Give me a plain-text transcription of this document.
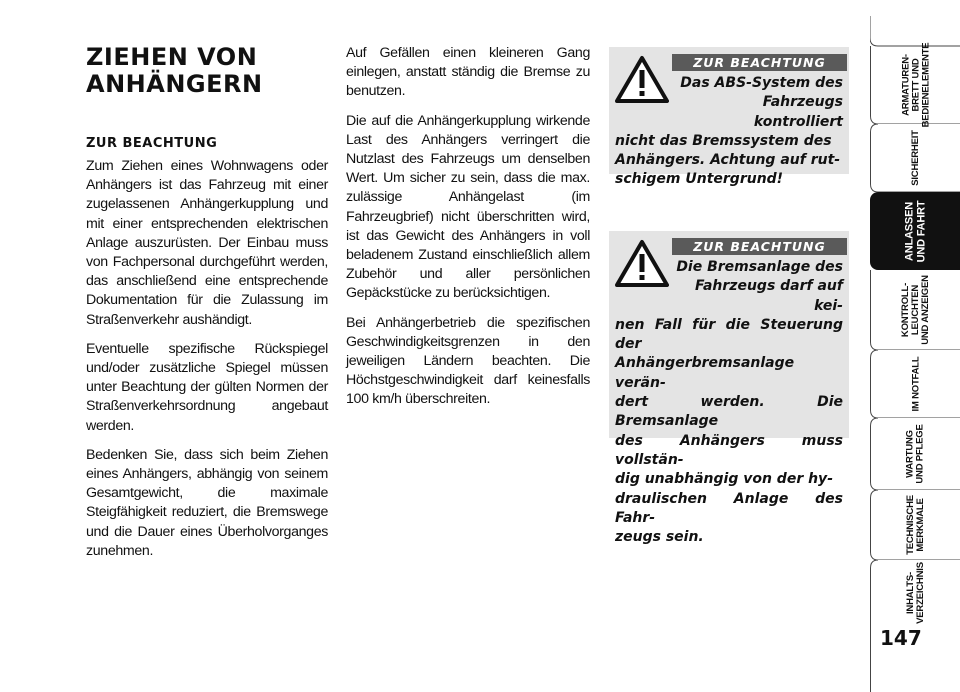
ZIEHEN VON
ANHÄNGERN
ZUR BEACHTUNG

Zum Ziehen eines Wohnwagens oder Anhängers ist das Fahrzeug mit einer zugelassenen Anhängerkupplung und mit einer entsprechenden elektrischen Anlage auszurüsten. Der Einbau muss von Fachpersonal durchgeführt werden, das anschließend eine entsprechende Dokumentation für die Zulassung im Straßenverkehr aushändigt.

Eventuelle spezifische Rückspiegel und/oder zusätzliche Spiegel müssen unter Beachtung der gülten Normen der Straßenverkehrsordnung angebaut werden.

Bedenken Sie, dass sich beim Ziehen eines Anhängers, abhängig von seinem Gesamtgewicht, die maximale Steigfähigkeit reduziert, die Bremswege und die Dauer eines Überholvorganges zunehmen.

Auf Gefällen einen kleineren Gang einlegen, anstatt ständig die Bremse zu benutzen.

Die auf die Anhängerkupplung wirkende Last des Anhängers verringert die Nutzlast des Fahrzeugs um denselben Wert. Um sicher zu sein, dass die max. zulässige Anhängelast (im Fahrzeugbrief) nicht überschritten wird, ist das Gewicht des Anhängers in voll beladenem Zustand einschließlich allem Zubehör und aller persönlichen Gepäckstücke zu berücksichtigen.

Bei Anhängerbetrieb die spezifischen Geschwindigkeitsgrenzen in den jeweiligen Ländern beachten. Die Höchstgeschwindigkeit darf keinesfalls 100 km/h überschreiten.

ZUR BEACHTUNG
Das ABS-System des
Fahrzeugs kontrolliert
nicht das Bremssystem des
Anhängers. Achtung auf rut-
schigem Untergrund!
ZUR BEACHTUNG
Die Bremsanlage des
Fahrzeugs darf auf kei-
nen Fall für die Steuerung der
Anhängerbremsanlage verän-
dert werden. Die Bremsanlage
des Anhängers muss vollstän-
dig unabhängig von der hy-
draulischen Anlage des Fahr-
zeugs sein.
ARMATUREN-
BRETT UND
BEDIENELEMENTE
SICHERHEIT
ANLASSEN
UND FAHRT
KONTROLL-
LEUCHTEN
UND ANZEIGEN
IM NOTFALL
WARTUNG
UND PFLEGE
TECHNISCHE
MERKMALE
INHALTS-
VERZEICHNIS
147
